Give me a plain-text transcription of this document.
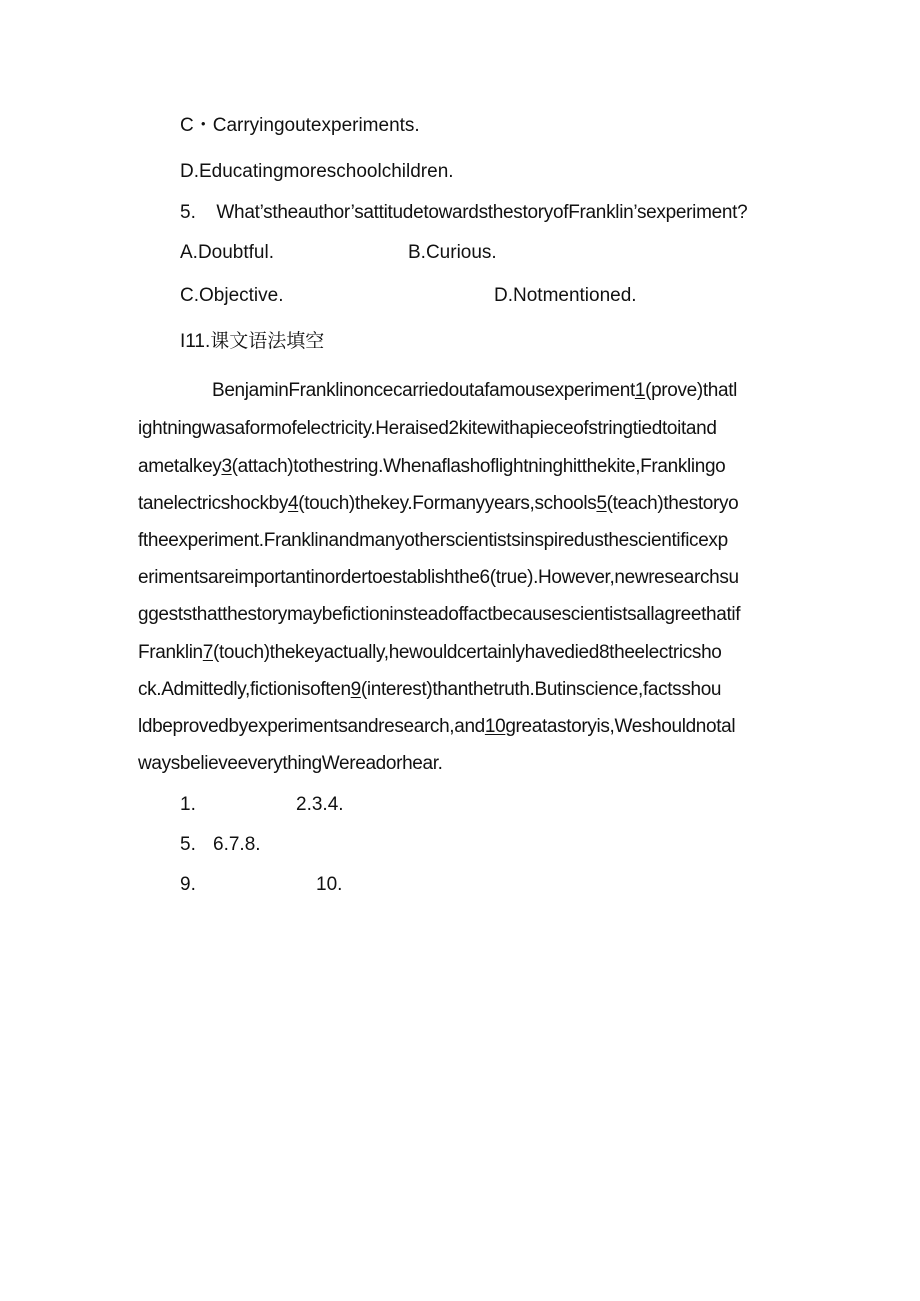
C・Carryingoutexperiments.
D.Educatingmoreschoolchildren.
5. What’stheauthor’sattitudetowardsthestoryofFranklin’sexperiment?
A.Doubtful.	B.Curious.
C.Objective.	D.Notmentioned.
I11.课文语法填空
BenjaminFranklinoncecarriedoutafamousexperiment1(prove)thatl
ightningwasaformofelectricity.Heraised2kitewithapieceofstringtiedtoitand
ametalkey3(attach)tothestring.Whenaflashoflightninghitthekite,Franklingo
tanelectricshockby4(touch)thekey.Formanyyears,schools5(teach)thestoryo
ftheexperiment.Franklinandmanyotherscientistsinspiredusthescientificexp
erimentsareimportantinordertoestablishthe6(true).However,newresearchsu
ggeststhatthestorymaybefictioninsteadoffactbecausescientistsallagreethatif
Franklin7(touch)thekeyactually,hewouldcertainlyhavedied8theelectricsho
ck.Admittedly,fictionisoften9(interest)thanthetruth.Butinscience,factsshou
ldbeprovedbyexperimentsandresearch,and10greatastoryis,Weshouldnotal
waysbelieveeverythingWereadorhear.
1.	2.3.4.
5. 6.7.8.
9.	10.
